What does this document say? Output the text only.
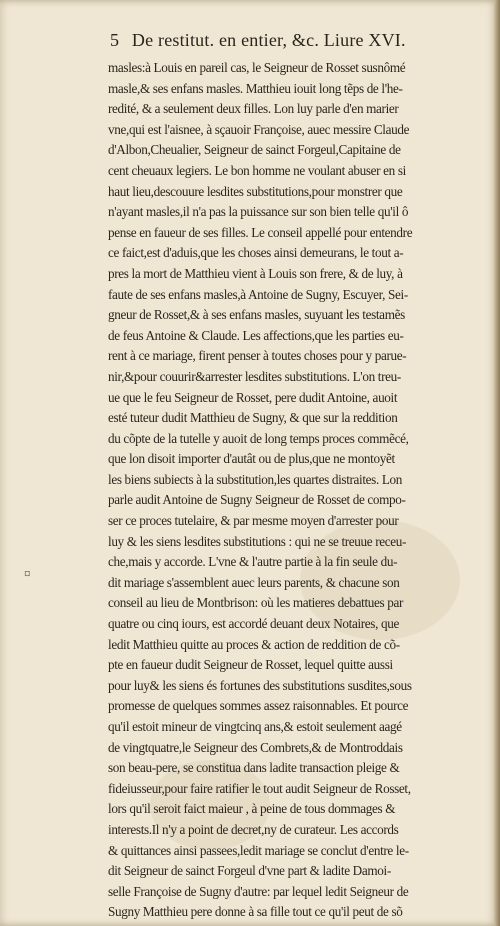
5 De restitut. en entier, &c. Liure XVI.
¤
masles:à Louis en pareil cas, le Seigneur de Rosset susnômé
masle,& ses enfans masles. Matthieu iouit long tẽps de l'he-
redité, & a seulement deux filles. Lon luy parle d'en marier
vne,qui est l'aisnee, à sçauoir Françoise, auec messire Claude
d'Albon,Cheualier, Seigneur de sainct Forgeul,Capitaine de
cent cheuaux legiers. Le bon homme ne voulant abuser en si
haut lieu,descouure lesdites substitutions,pour monstrer que
n'ayant masles,il n'a pas la puissance sur son bien telle qu'il ô
pense en faueur de ses filles. Le conseil appellé pour entendre
ce faict,est d'aduis,que les choses ainsi demeurans, le tout a-
pres la mort de Matthieu vient à Louis son frere, & de luy, à
faute de ses enfans masles,à Antoine de Sugny, Escuyer, Sei-
gneur de Rosset,& à ses enfans masles, suyuant les testamẽs
de feus Antoine & Claude. Les affections,que les parties eu-
rent à ce mariage, firent penser à toutes choses pour y parue-
nir,&pour couurir&arrester lesdites substitutions. L'on treu-
ue que le feu Seigneur de Rosset, pere dudit Antoine, auoit
esté tuteur dudit Matthieu de Sugny, & que sur la reddition
du cõpte de la tutelle y auoit de long temps proces commẽcé,
que lon disoit importer d'autât ou de plus,que ne montoyẽt
les biens subiects à la substitution,les quartes distraites. Lon
parle audit Antoine de Sugny Seigneur de Rosset de compo-
ser ce proces tutelaire, & par mesme moyen d'arrester pour
luy & les siens lesdites substitutions : qui ne se treuue receu-
che,mais y accorde. L'vne & l'autre partie à la fin seule du-
dit mariage s'assemblent auec leurs parents, & chacune son
conseil au lieu de Montbrison: où les matieres debattues par
quatre ou cinq iours, est accordé deuant deux Notaires, que
ledit Matthieu quitte au proces & action de reddition de cõ-
pte en faueur dudit Seigneur de Rosset, lequel quitte aussi
pour luy& les siens és fortunes des substitutions susdites,sous
promesse de quelques sommes assez raisonnables. Et pource
qu'il estoit mineur de vingtcinq ans,& estoit seulement aagé
de vingtquatre,le Seigneur des Combrets,& de Montroddais
son beau-pere, se constitua dans ladite transaction pleige &
fideiusseur,pour faire ratifier le tout audit Seigneur de Rosset,
lors qu'il seroit faict maieur , à peine de tous dommages &
interests.Il n'y a point de decret,ny de curateur. Les accords
& quittances ainsi passees,ledit mariage se conclut d'entre le-
dit Seigneur de sainct Forgeul d'vne part & ladite Damoi-
selle Françoise de Sugny d'autre: par lequel ledit Seigneur de
Sugny Matthieu pere donne à sa fille tout ce qu'il peut de sõ
